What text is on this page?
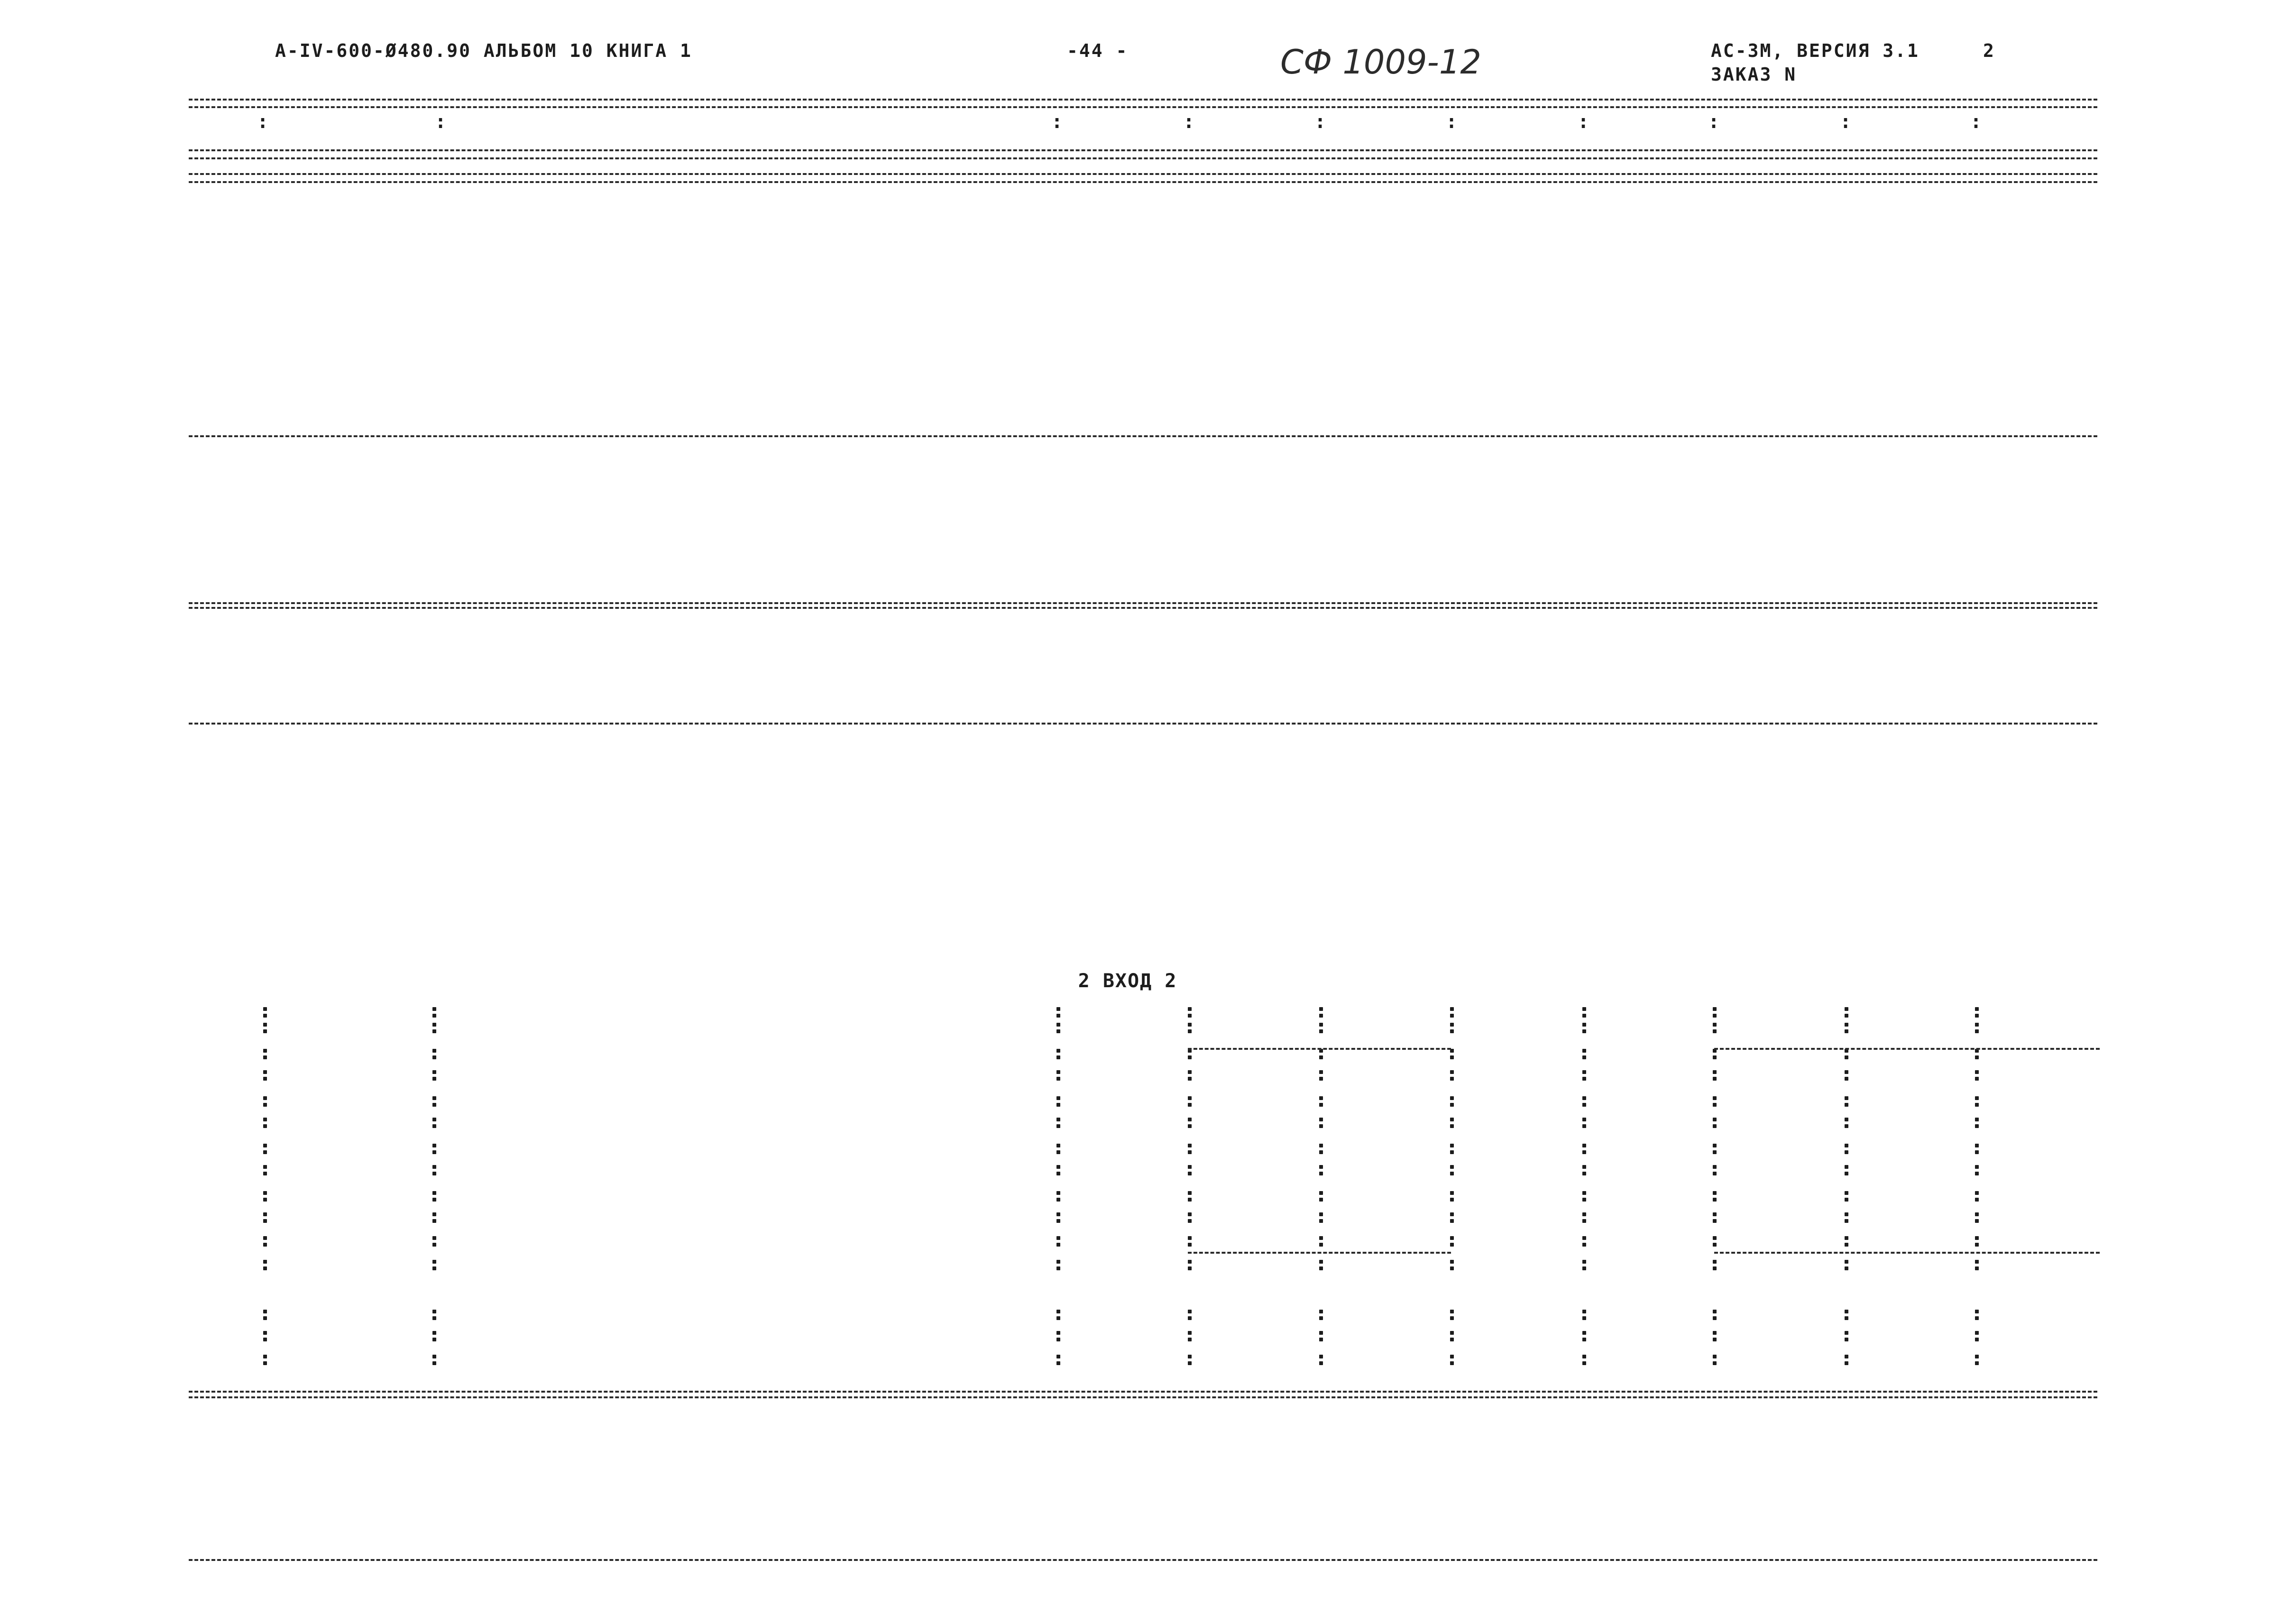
A-IV-600-Ø480.90 АЛЬБОМ 10 КНИГА 1	-44 -	СФ 1009-12	АС-3М, ВЕРСИЯ 3.1	2
ЗАКАЗ N
2 ВХОД 2
:	:	:	:	:	:	:	:	:	:
